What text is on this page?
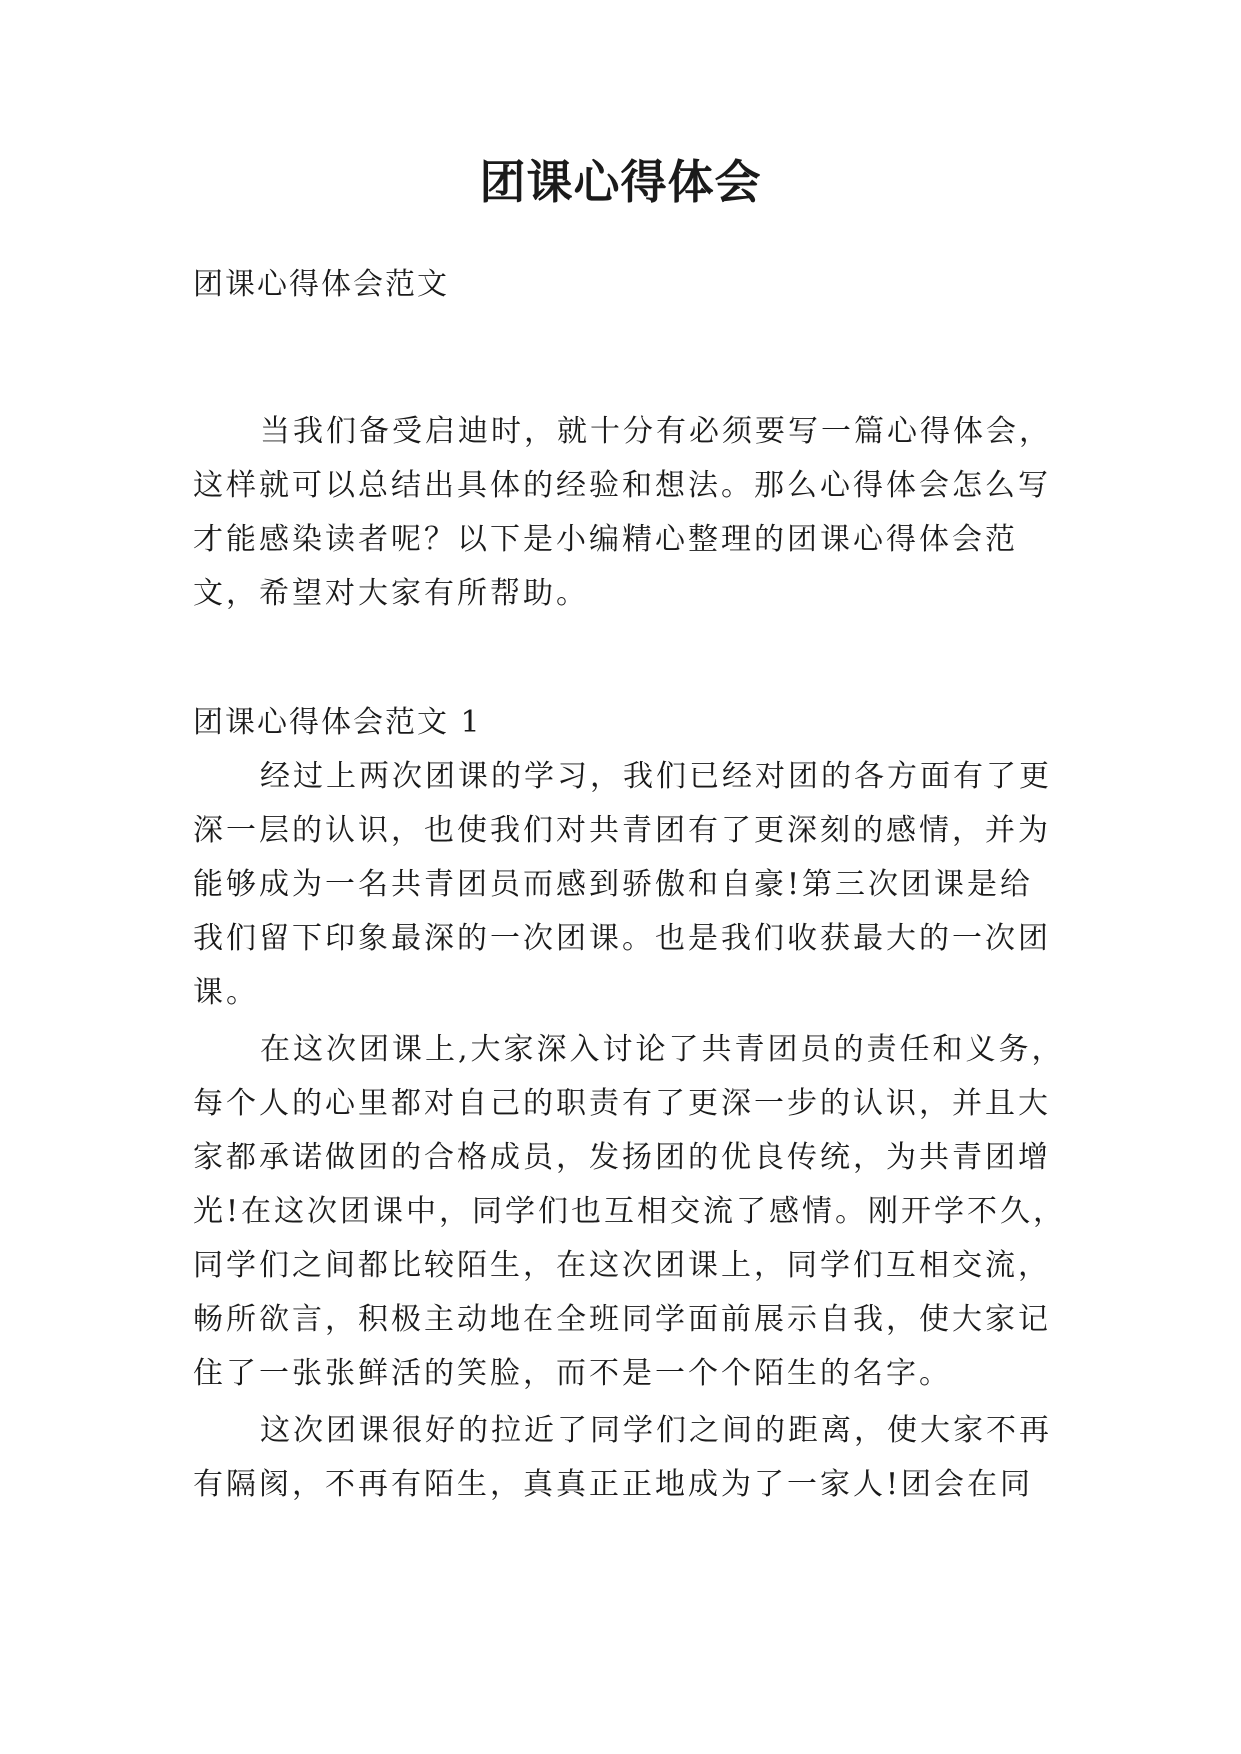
团课心得体会
团课心得体会范文
当我们备受启迪时，就十分有必须要写一篇心得体会，
这样就可以总结出具体的经验和想法。那么心得体会怎么写
才能感染读者呢？以下是小编精心整理的团课心得体会范
文，希望对大家有所帮助。
团课心得体会范文 1
经过上两次团课的学习，我们已经对团的各方面有了更
深一层的认识，也使我们对共青团有了更深刻的感情，并为
能够成为一名共青团员而感到骄傲和自豪!第三次团课是给
我们留下印象最深的一次团课。也是我们收获最大的一次团
课。
在这次团课上,大家深入讨论了共青团员的责任和义务，
每个人的心里都对自己的职责有了更深一步的认识，并且大
家都承诺做团的合格成员，发扬团的优良传统，为共青团增
光!在这次团课中，同学们也互相交流了感情。刚开学不久，
同学们之间都比较陌生，在这次团课上，同学们互相交流，
畅所欲言，积极主动地在全班同学面前展示自我，使大家记
住了一张张鲜活的笑脸，而不是一个个陌生的名字。
这次团课很好的拉近了同学们之间的距离，使大家不再
有隔阂，不再有陌生，真真正正地成为了一家人!团会在同
